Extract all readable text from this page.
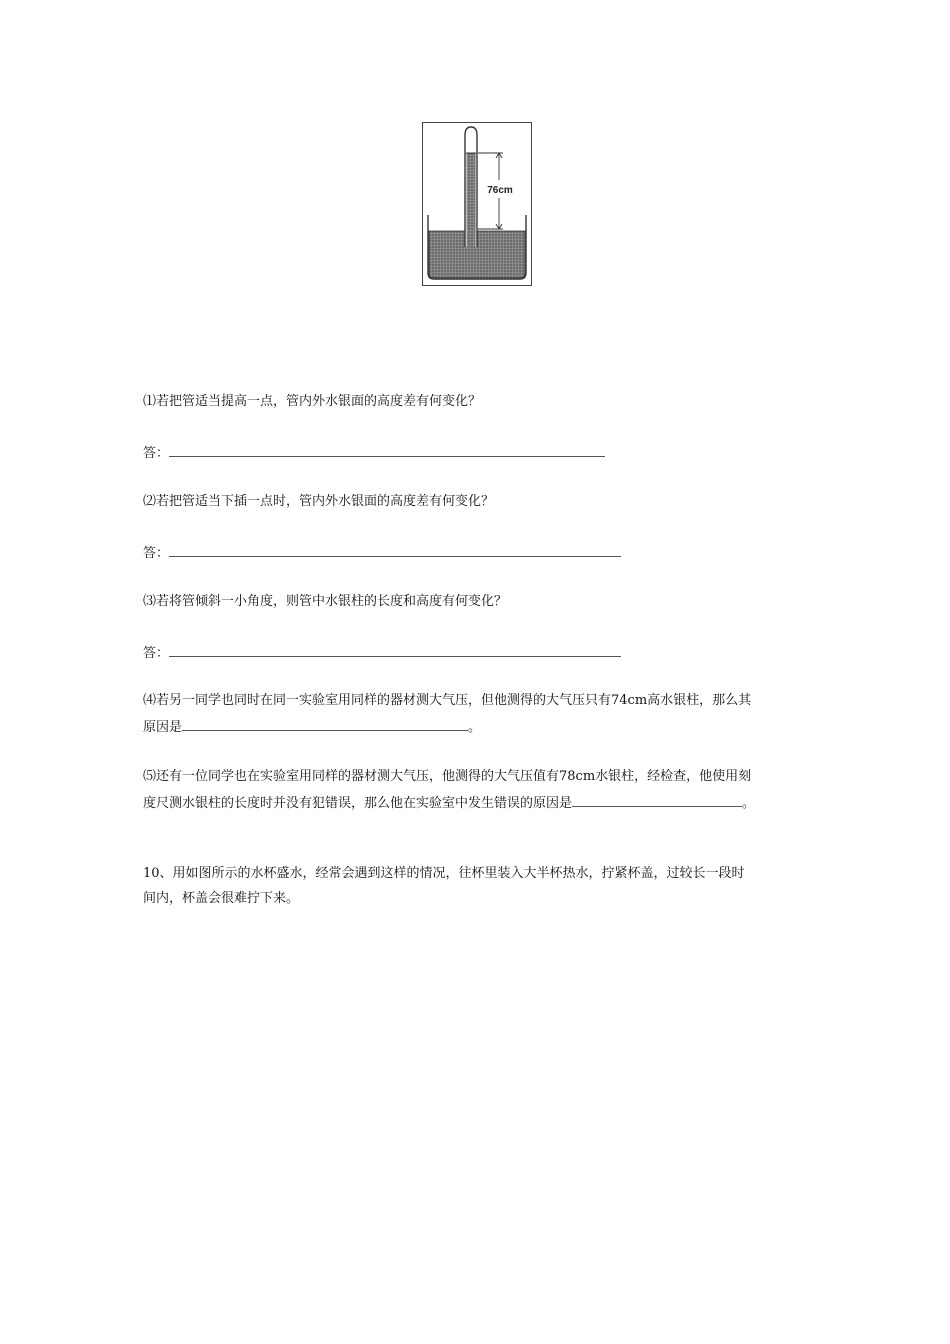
76cm
⑴若把管适当提高一点，管内外水银面的高度差有何变化？
答：
⑵若把管适当下插一点时，管内外水银面的高度差有何变化？
答：
⑶若将管倾斜一小角度，则管中水银柱的长度和高度有何变化？
答：
⑷若另一同学也同时在同一实验室用同样的器材测大气压，但他测得的大气压只有74cm高水银柱，那么其
原因是	。
⑸还有一位同学也在实验室用同样的器材测大气压，他测得的大气压值有78cm水银柱，经检查，他使用刻
度尺测水银柱的长度时并没有犯错误，那么他在实验室中发生错误的原因是	。
10、用如图所示的水杯盛水，经常会遇到这样的情况，往杯里装入大半杯热水，拧紧杯盖，过较长一段时
间内，杯盖会很难拧下来。
